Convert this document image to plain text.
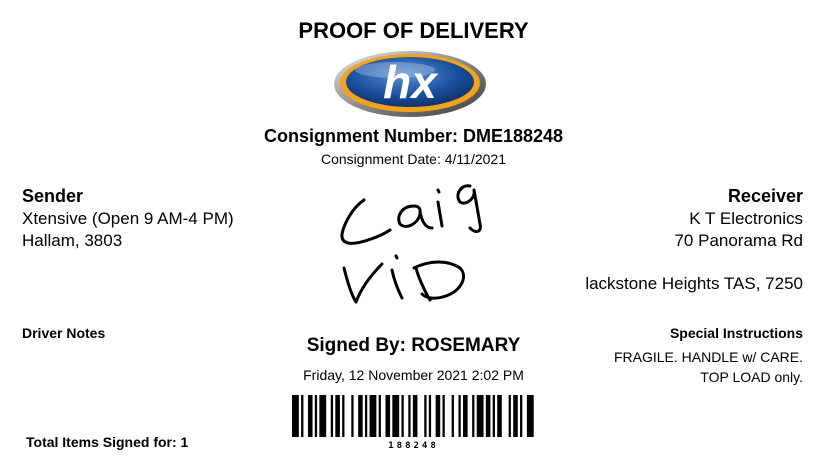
PROOF OF DELIVERY
hx
Consignment Number: DME188248
Consignment Date: 4/11/2021
Sender
Xtensive (Open 9 AM-4 PM)
Hallam, 3803
Receiver
K T Electronics
70 Panorama Rd
lackstone Heights TAS, 7250
Driver Notes	Special Instructions
FRAGILE. HANDLE w/ CARE.
TOP LOAD only.
Signed By: ROSEMARY
Friday, 12 November 2021 2:02 PM
188248
Total Items Signed for: 1
